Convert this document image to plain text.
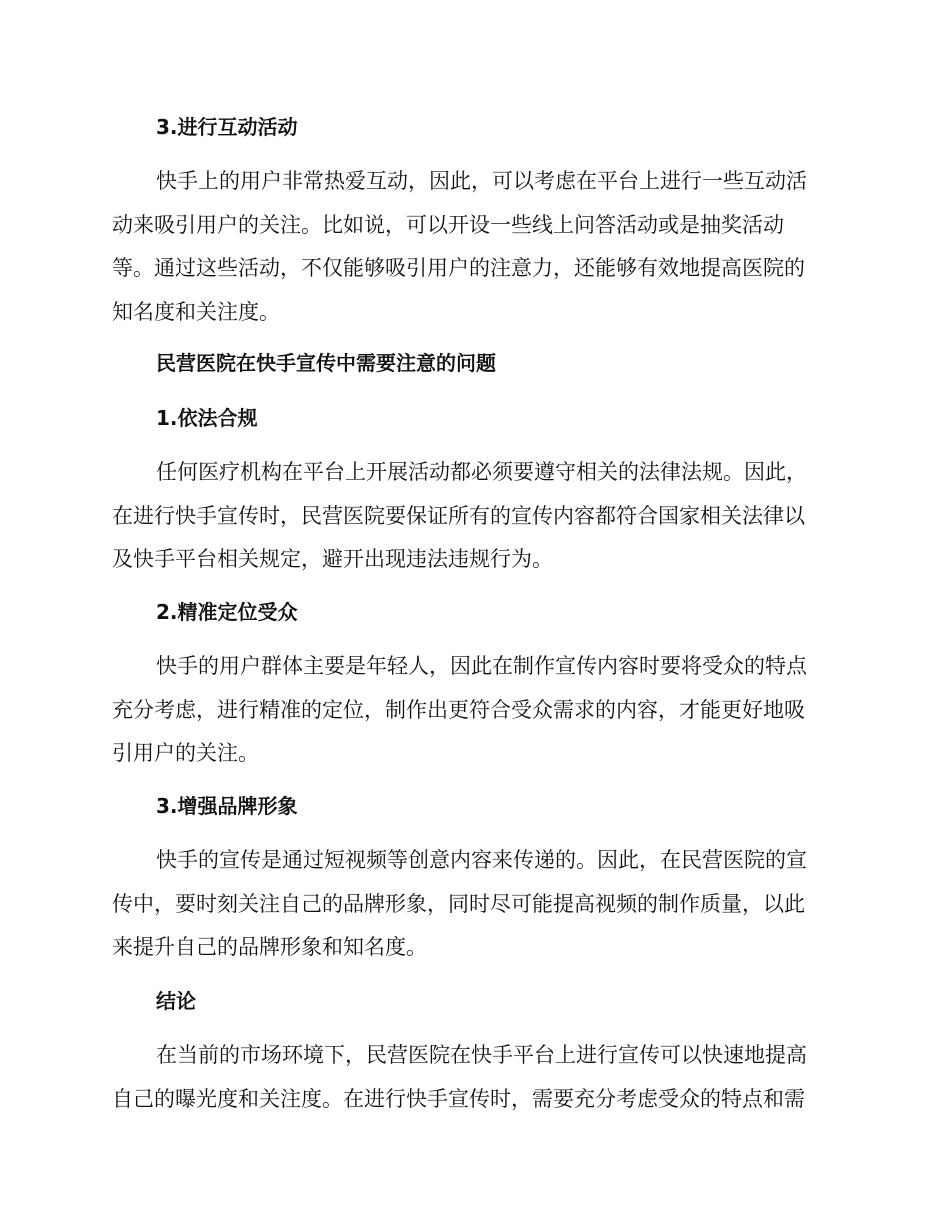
3.进行互动活动
快手上的用户非常热爱互动，因此，可以考虑在平台上进行一些互动活
动来吸引用户的关注。比如说，可以开设一些线上问答活动或是抽奖活动
等。通过这些活动，不仅能够吸引用户的注意力，还能够有效地提高医院的
知名度和关注度。
民营医院在快手宣传中需要注意的问题
1.依法合规
任何医疗机构在平台上开展活动都必须要遵守相关的法律法规。因此，
在进行快手宣传时，民营医院要保证所有的宣传内容都符合国家相关法律以
及快手平台相关规定，避开出现违法违规行为。
2.精准定位受众
快手的用户群体主要是年轻人，因此在制作宣传内容时要将受众的特点
充分考虑，进行精准的定位，制作出更符合受众需求的内容，才能更好地吸
引用户的关注。
3.增强品牌形象
快手的宣传是通过短视频等创意内容来传递的。因此，在民营医院的宣
传中，要时刻关注自己的品牌形象，同时尽可能提高视频的制作质量，以此
来提升自己的品牌形象和知名度。
结论
在当前的市场环境下，民营医院在快手平台上进行宣传可以快速地提高
自己的曝光度和关注度。在进行快手宣传时，需要充分考虑受众的特点和需
